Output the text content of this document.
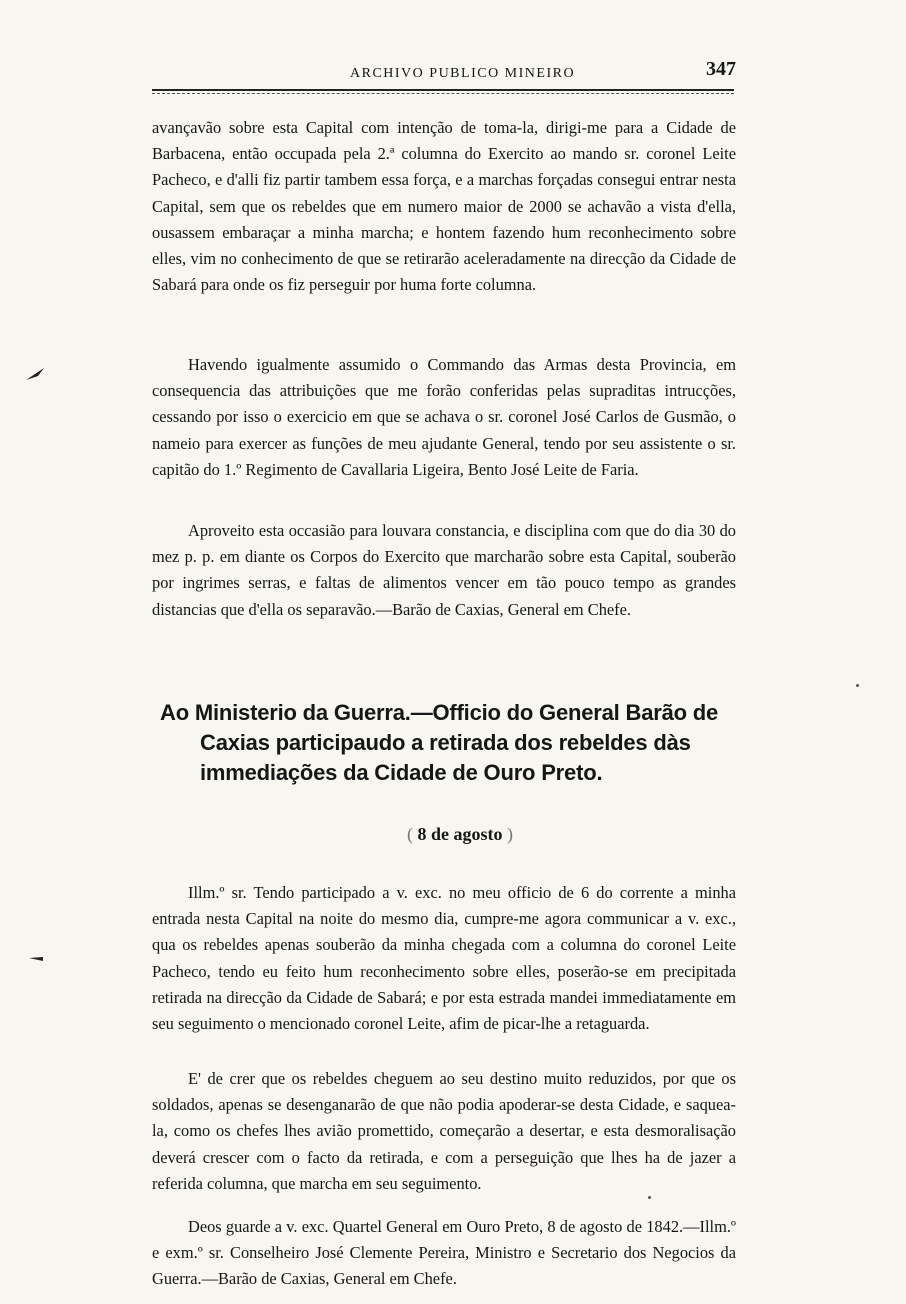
ARCHIVO PUBLICO MINEIRO	347

avançavão sobre esta Capital com intenção de toma-la, dirigi-me para a Cidade de Barbacena, então occupada pela 2.ª columna do Exercito ao mando sr. coronel Leite Pacheco, e d'alli fiz partir tambem essa força, e a marchas forçadas consegui entrar nesta Capital, sem que os rebeldes que em numero maior de 2000 se achavão a vista d'ella, ousassem embaraçar a minha marcha; e hontem fazendo hum reconhecimento sobre elles, vim no conhecimento de que se retirarão aceleradamente na direcção da Cidade de Sabará para onde os fiz perseguir por huma forte columna.

Havendo igualmente assumido o Commando das Armas desta Provincia, em consequencia das attribuições que me forão conferidas pelas supraditas intrucções, cessando por isso o exercicio em que se achava o sr. coronel José Carlos de Gusmão, o nameio para exercer as funções de meu ajudante General, tendo por seu assistente o sr. capitão do 1.º Regimento de Cavallaria Ligeira, Bento José Leite de Faria.

Aproveito esta occasião para louvara constancia, e disciplina com que do dia 30 do mez p. p. em diante os Corpos do Exercito que marcharão sobre esta Capital, souberão por ingrimes serras, e faltas de alimentos vencer em tão pouco tempo as grandes distancias que d'ella os separavão.—Barão de Caxias, General em Chefe.

Ao Ministerio da Guerra.—Officio do General Barão de Caxias participaudo a retirada dos rebeldes dàs immediações da Cidade de Ouro Preto.
( 8 de agosto )

Illm.º sr. Tendo participado a v. exc. no meu officio de 6 do corrente a minha entrada nesta Capital na noite do mesmo dia, cumpre-me agora communicar a v. exc., qua os rebeldes apenas souberão da minha chegada com a columna do coronel Leite Pacheco, tendo eu feito hum reconhecimento sobre elles, poserão-se em precipitada retirada na direcção da Cidade de Sabará; e por esta estrada mandei immediatamente em seu seguimento o mencionado coronel Leite, afim de picar-lhe a retaguarda.

E' de crer que os rebeldes cheguem ao seu destino muito reduzidos, por que os soldados, apenas se desenganarão de que não podia apoderar-se desta Cidade, e saquea-la, como os chefes lhes avião promettido, começarão a desertar, e esta desmoralisação deverá crescer com o facto da retirada, e com a perseguição que lhes ha de jazer a referida columna, que marcha em seu seguimento.

Deos guarde a v. exc. Quartel General em Ouro Preto, 8 de agosto de 1842.—Illm.º e exm.º sr. Conselheiro José Clemente Pereira, Ministro e Secretario dos Negocios da Guerra.—Barão de Caxias, General em Chefe.
